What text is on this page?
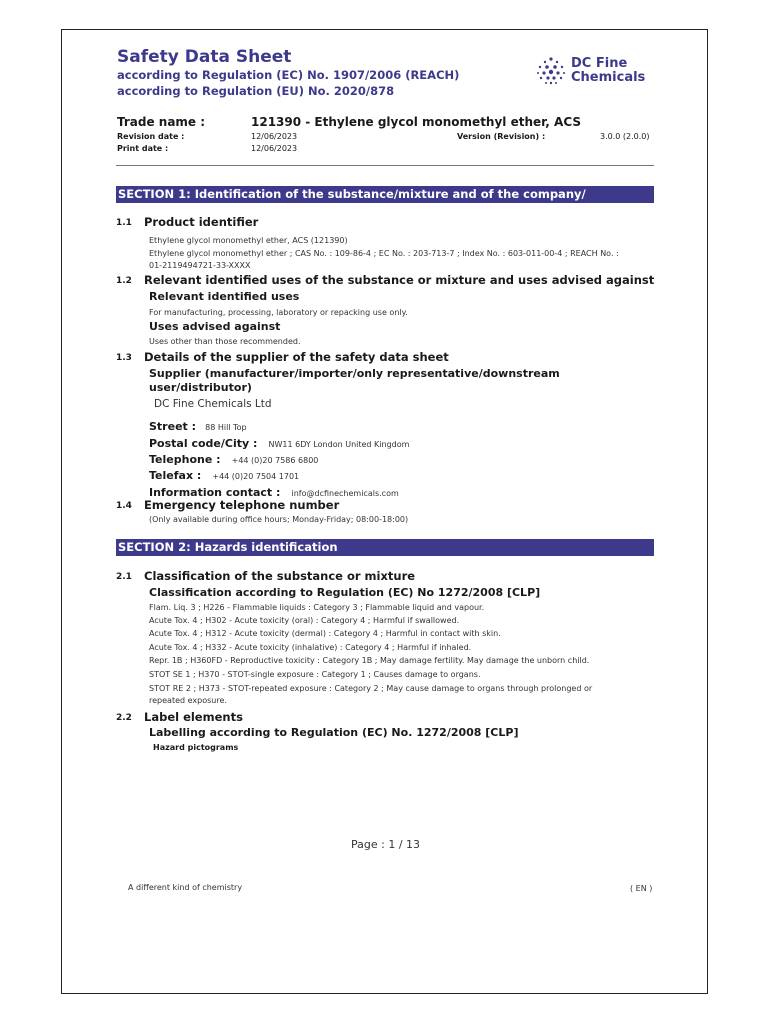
Safety Data Sheet
according to Regulation (EC) No. 1907/2006 (REACH)
according to Regulation (EU) No. 2020/878
DC Fine
Chemicals
Trade name :	121390 - Ethylene glycol monomethyl ether, ACS
Revision date :	12/06/2023	Version (Revision) :	3.0.0 (2.0.0)
Print date :	12/06/2023
SECTION 1: Identification of the substance/mixture and of the company/ undertaking
1.1 Product identifier
Ethylene glycol monomethyl ether, ACS (121390)
Ethylene glycol monomethyl ether ; CAS No. : 109-86-4 ; EC No. : 203-713-7 ; Index No. : 603-011-00-4 ; REACH No. :
01-2119494721-33-XXXX
1.2 Relevant identified uses of the substance or mixture and uses advised against
Relevant identified uses
For manufacturing, processing, laboratory or repacking use only.
Uses advised against
Uses other than those recommended.
1.3 Details of the supplier of the safety data sheet
Supplier (manufacturer/importer/only representative/downstream
user/distributor)
DC Fine Chemicals Ltd
Street : 88 Hill Top
Postal code/City : NW11 6DY London United Kingdom
Telephone : +44 (0)20 7586 6800
Telefax : +44 (0)20 7504 1701
Information contact : info@dcfinechemicals.com
1.4 Emergency telephone number
(Only available during office hours; Monday-Friday; 08:00-18:00)
SECTION 2: Hazards identification
2.1 Classification of the substance or mixture
Classification according to Regulation (EC) No 1272/2008 [CLP]
Flam. Liq. 3 ; H226 - Flammable liquids : Category 3 ; Flammable liquid and vapour.
Acute Tox. 4 ; H302 - Acute toxicity (oral) : Category 4 ; Harmful if swallowed.
Acute Tox. 4 ; H312 - Acute toxicity (dermal) : Category 4 ; Harmful in contact with skin.
Acute Tox. 4 ; H332 - Acute toxicity (inhalative) : Category 4 ; Harmful if inhaled.
Repr. 1B ; H360FD - Reproductive toxicity : Category 1B ; May damage fertility. May damage the unborn child.
STOT SE 1 ; H370 - STOT-single exposure : Category 1 ; Causes damage to organs.
STOT RE 2 ; H373 - STOT-repeated exposure : Category 2 ; May cause damage to organs through prolonged or
repeated exposure.
2.2 Label elements
Labelling according to Regulation (EC) No. 1272/2008 [CLP]
Hazard pictograms
Page : 1 / 13
A different kind of chemistry	( EN )
